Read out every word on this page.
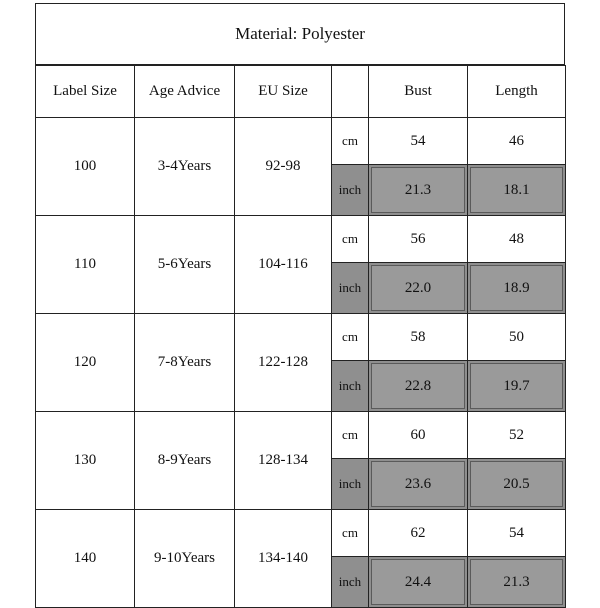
Material: Polyester
Label Size	Age Advice	EU Size		Bust	Length
100	3-4Years	92-98	cm	54	46
			inch	21.3	18.1

110	5-6Years	104-116	cm	56	48
			inch	22.0	18.9

120	7-8Years	122-128	cm	58	50
			inch	22.8	19.7

130	8-9Years	128-134	cm	60	52
			inch	23.6	20.5

140	9-10Years	134-140	cm	62	54
			inch	24.4	21.3
